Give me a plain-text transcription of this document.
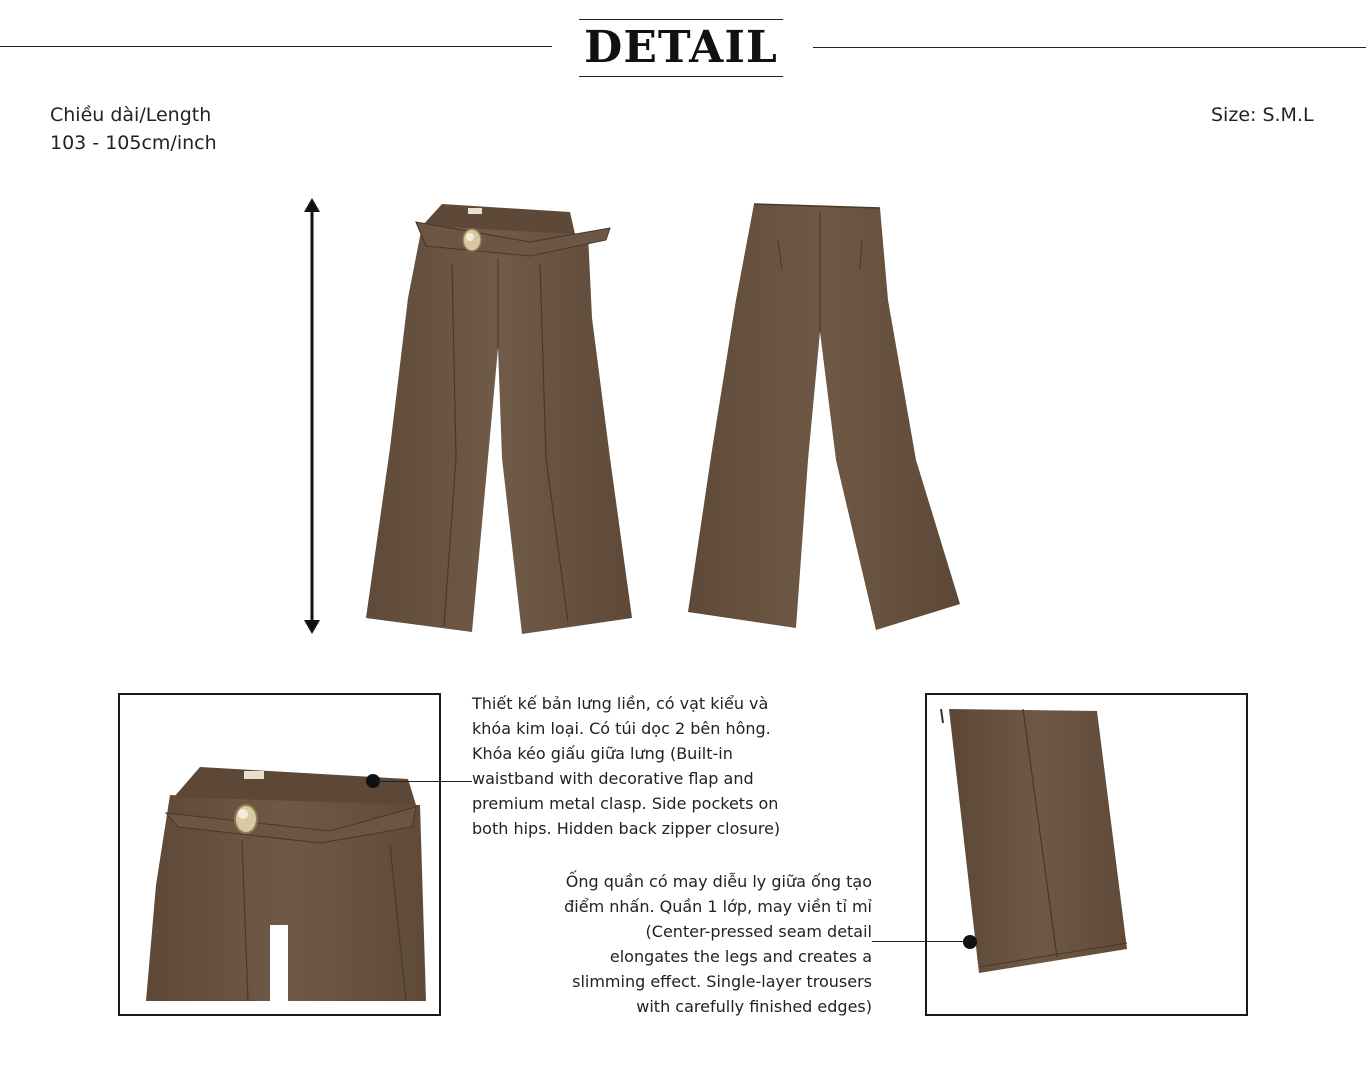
DETAIL
Chiều dài/Length
103 - 105cm/inch
Size: S.M.L

Thiết kế bản lưng liền, có vạt kiểu và

khóa kim loại. Có túi dọc 2 bên hông.

Khóa kéo giấu giữa lưng (Built-in

waistband with decorative flap and

premium metal clasp. Side pockets on

both hips. Hidden back zipper closure)

Ống quần có may diễu ly giữa ống tạo

điểm nhấn. Quần 1 lớp, may viền tỉ mỉ

(Center-pressed seam detail

elongates the legs and creates a

slimming effect. Single-layer trousers

with carefully finished edges)
